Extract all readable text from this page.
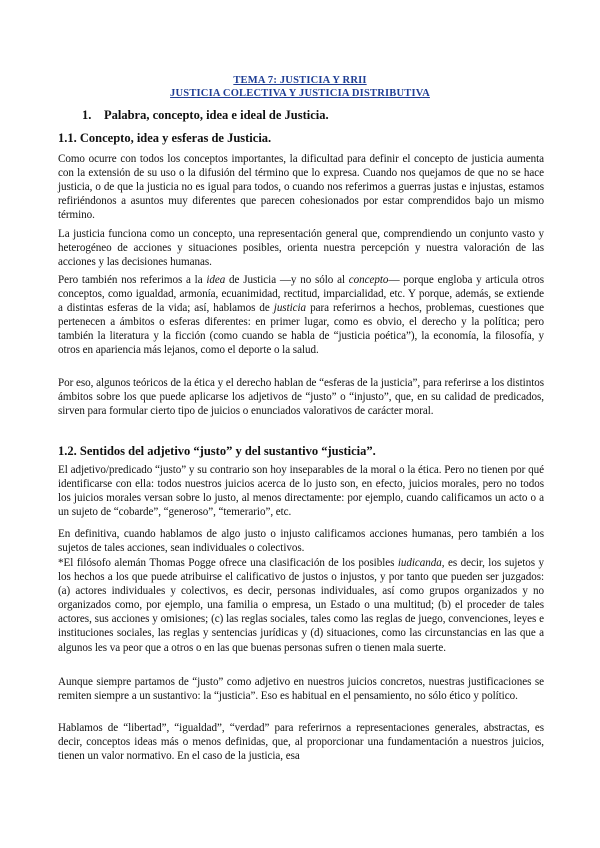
TEMA 7: JUSTICIA Y RRII
JUSTICIA COLECTIVA Y JUSTICIA DISTRIBUTIVA
1. Palabra, concepto, idea e ideal de Justicia.
1.1. Concepto, idea y esferas de Justicia.

Como ocurre con todos los conceptos importantes, la dificultad para definir el concepto de justicia aumenta con la extensión de su uso o la difusión del término que lo expresa. Cuando nos quejamos de que no se hace justicia, o de que la justicia no es igual para todos, o cuando nos referimos a guerras justas e injustas, estamos refiriéndonos a asuntos muy diferentes que parecen cohesionados por estar comprendidos bajo un mismo término.

La justicia funciona como un concepto, una representación general que, comprendiendo un conjunto vasto y heterogéneo de acciones y situaciones posibles, orienta nuestra percepción y nuestra valoración de las acciones y las decisiones humanas.

Pero también nos referimos a la idea de Justicia —y no sólo al concepto— porque engloba y articula otros conceptos, como igualdad, armonía, ecuanimidad, rectitud, imparcialidad, etc. Y porque, además, se extiende a distintas esferas de la vida; así, hablamos de justicia para referirnos a hechos, problemas, cuestiones que pertenecen a ámbitos o esferas diferentes: en primer lugar, como es obvio, el derecho y la política; pero también la literatura y la ficción (como cuando se habla de “justicia poética”), la economía, la filosofía, y otros en apariencia más lejanos, como el deporte o la salud.

Por eso, algunos teóricos de la ética y el derecho hablan de “esferas de la justicia”, para referirse a los distintos ámbitos sobre los que puede aplicarse los adjetivos de “justo” o “injusto”, que, en su calidad de predicados, sirven para formular cierto tipo de juicios o enunciados valorativos de carácter moral.

1.2. Sentidos del adjetivo “justo” y del sustantivo “justicia”.

El adjetivo/predicado “justo” y su contrario son hoy inseparables de la moral o la ética. Pero no tienen por qué identificarse con ella: todos nuestros juicios acerca de lo justo son, en efecto, juicios morales, pero no todos los juicios morales versan sobre lo justo, al menos directamente: por ejemplo, cuando calificamos un acto o a un sujeto de “cobarde”, “generoso”, “temerario”, etc.

En definitiva, cuando hablamos de algo justo o injusto calificamos acciones humanas, pero también a los sujetos de tales acciones, sean individuales o colectivos.

*El filósofo alemán Thomas Pogge ofrece una clasificación de los posibles iudicanda, es decir, los sujetos y los hechos a los que puede atribuirse el calificativo de justos o injustos, y por tanto que pueden ser juzgados: (a) actores individuales y colectivos, es decir, personas individuales, así como grupos organizados y no organizados como, por ejemplo, una familia o empresa, un Estado o una multitud; (b) el proceder de tales actores, sus acciones y omisiones; (c) las reglas sociales, tales como las reglas de juego, convenciones, leyes e instituciones sociales, las reglas y sentencias jurídicas y (d) situaciones, como las circunstancias en las que a algunos les va peor que a otros o en las que buenas personas sufren o tienen mala suerte.

Aunque siempre partamos de “justo” como adjetivo en nuestros juicios concretos, nuestras justificaciones se remiten siempre a un sustantivo: la “justicia”. Eso es habitual en el pensamiento, no sólo ético y político.

Hablamos de “libertad”, “igualdad”, “verdad” para referirnos a representaciones generales, abstractas, es decir, conceptos ideas más o menos definidas, que, al proporcionar una fundamentación a nuestros juicios, tienen un valor normativo. En el caso de la justicia, esa
